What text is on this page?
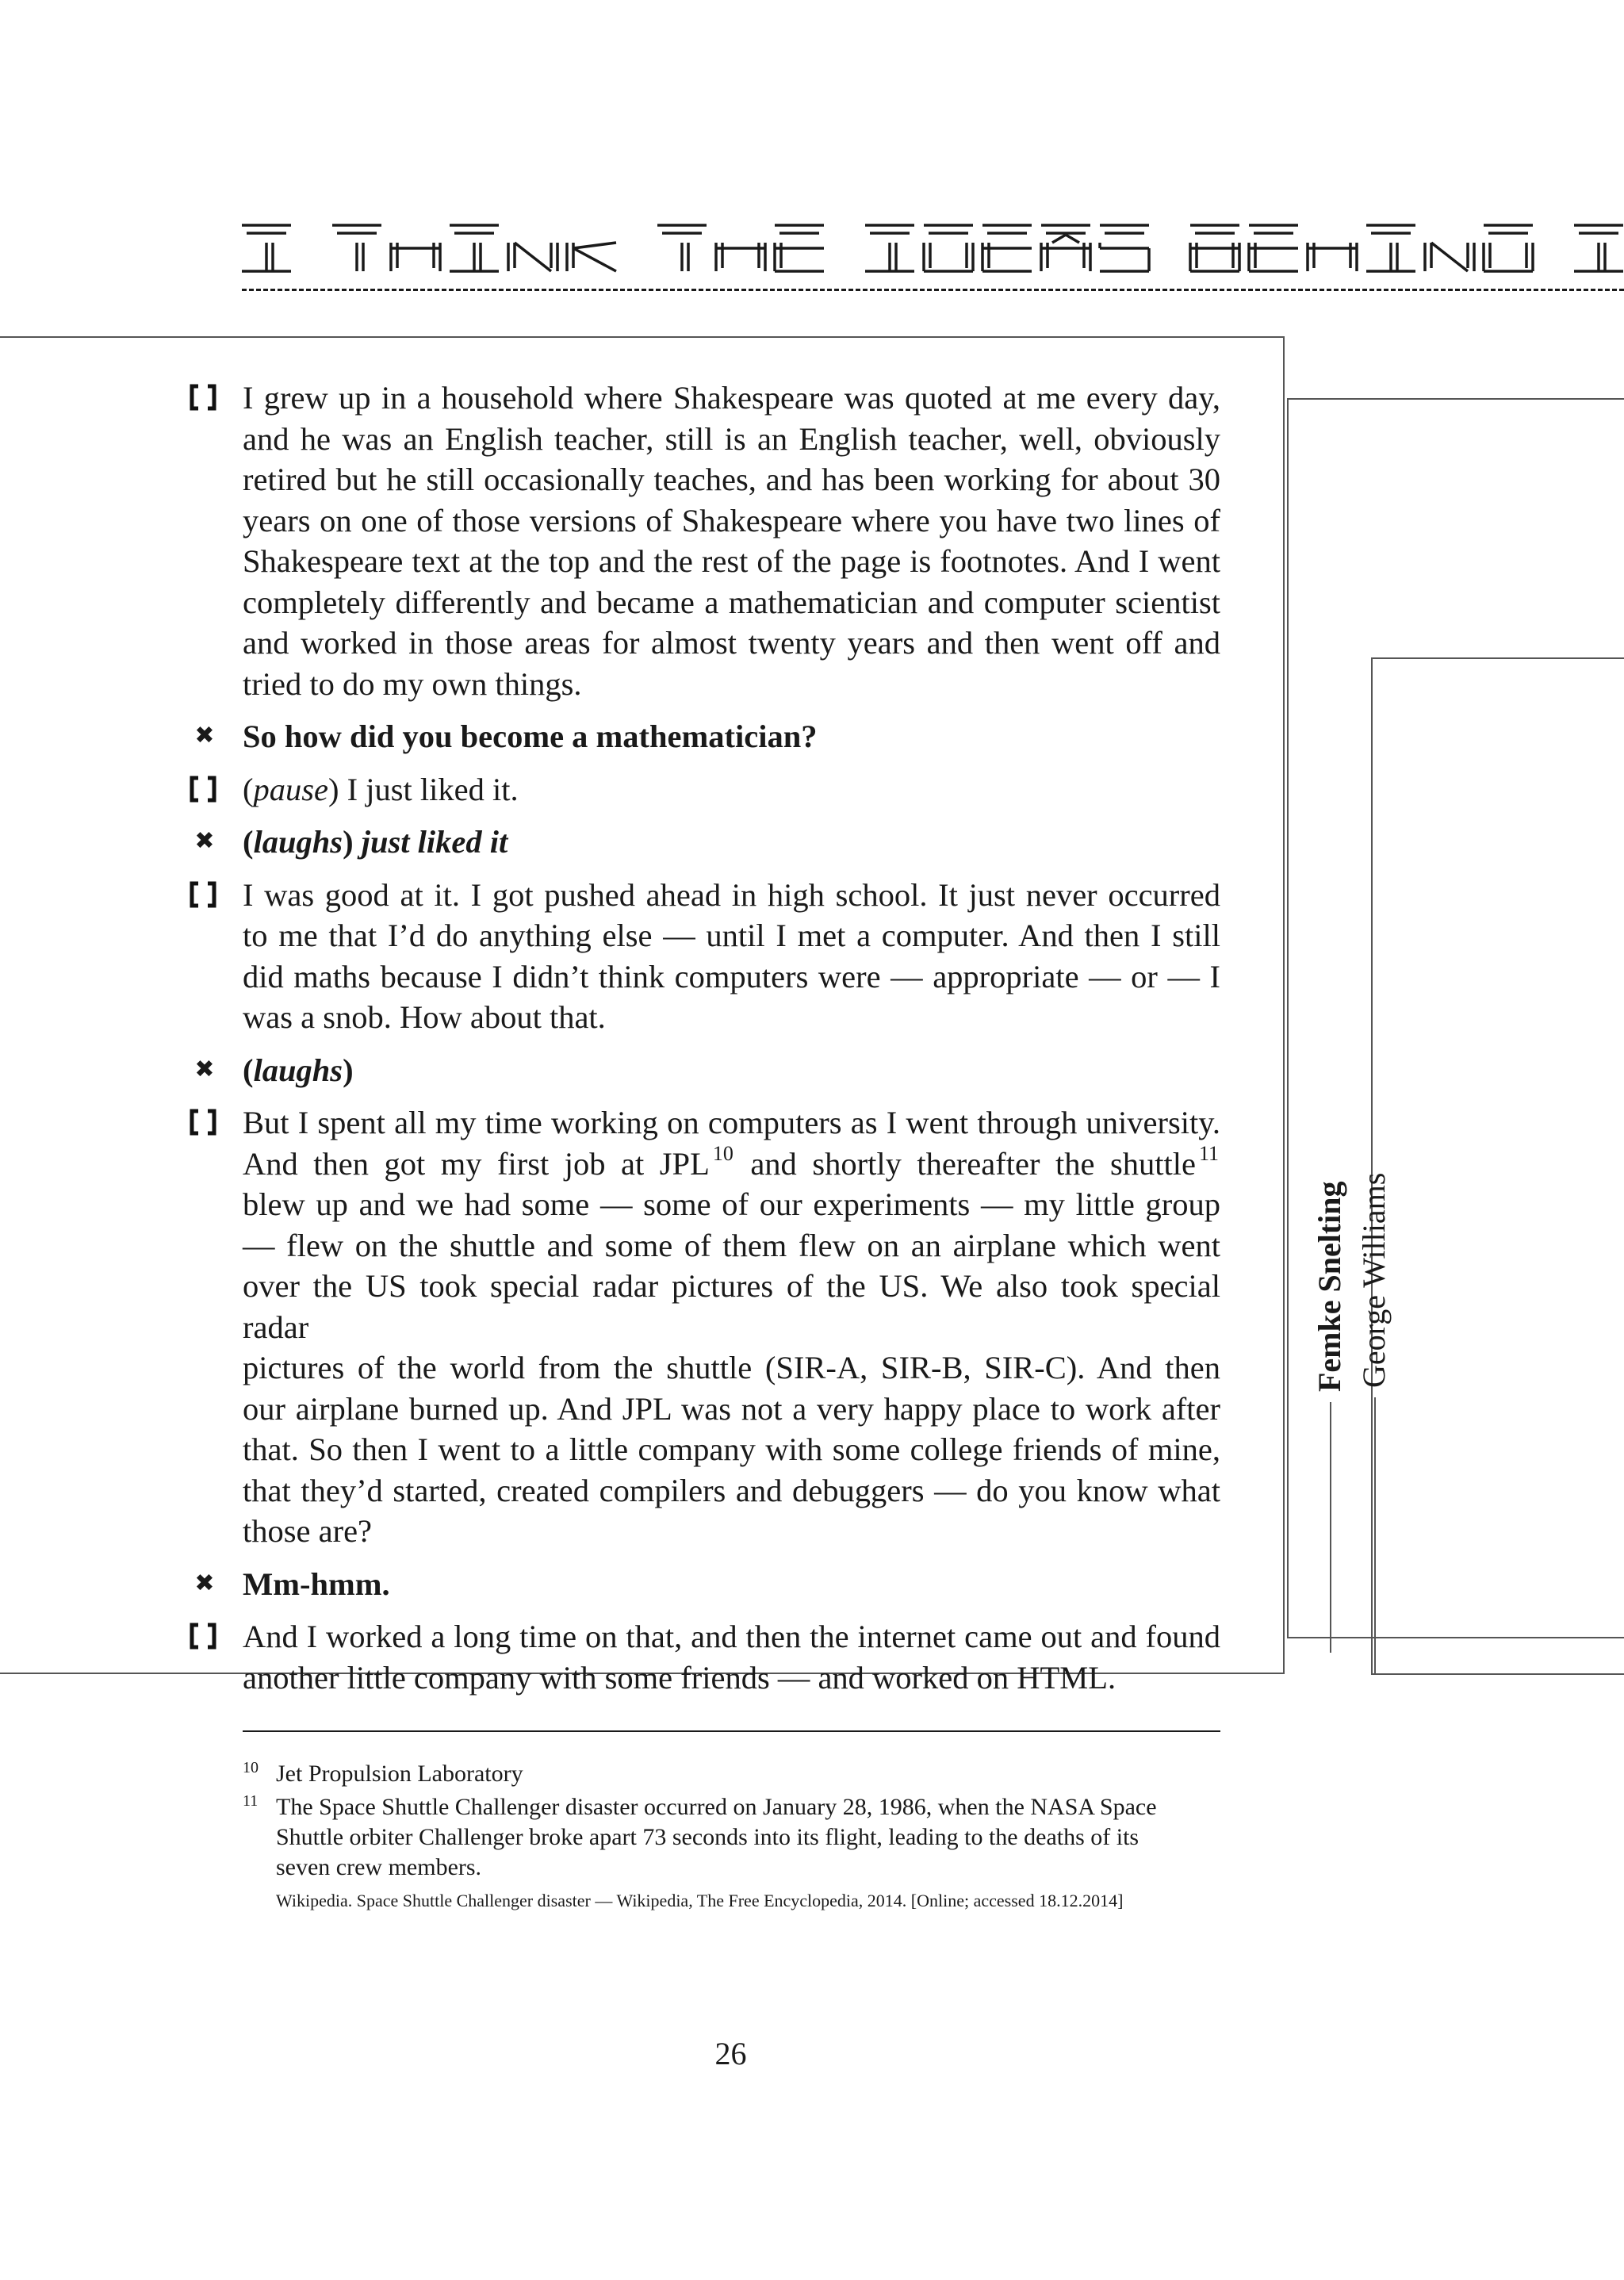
I grew up in a household where Shakespeare was quoted at me every day,
and he was an English teacher, still is an English teacher, well, obviously
retired but he still occasionally teaches, and has been working for about 30
years on one of those versions of Shakespeare where you have two lines of
Shakespeare text at the top and the rest of the page is footnotes. And I went
completely differently and became a mathematician and computer scientist
and worked in those areas for almost twenty years and then went off and
tried to do my own things.
✖ So how did you become a mathematician?
(pause) I just liked it.
✖ (laughs) just liked it
I was good at it. I got pushed ahead in high school. It just never occurred
to me that I’d do anything else — until I met a computer. And then I still
did maths because I didn’t think computers were — appropriate — or — I
was a snob. How about that.
✖ (laughs)
But I spent all my time working on computers as I went through university.
And then got my first job at JPL $^{10}$ and shortly thereafter the shuttle $^{11}$
blew up and we had some — some of our experiments — my little group
— flew on the shuttle and some of them flew on an airplane which went
over the US took special radar pictures of the US. We also took special radar
pictures of the world from the shuttle (SIR-A, SIR-B, SIR-C). And then
our airplane burned up. And JPL was not a very happy place to work after
that. So then I went to a little company with some college friends of mine,
that they’d started, created compilers and debuggers — do you know what
those are?
✖ Mm-hmm.
And I worked a long time on that, and then the internet came out and found
another little company with some friends — and worked on HTML.
Femke Snelting George Williams
10 Jet Propulsion Laboratory
11 The Space Shuttle Challenger disaster occurred on January 28, 1986, when the NASA Space
Shuttle orbiter Challenger broke apart 73 seconds into its flight, leading to the deaths of its
seven crew members.
Wikipedia. Space Shuttle Challenger disaster — Wikipedia, The Free Encyclopedia, 2014. [Online; accessed 18.12.2014]
26
